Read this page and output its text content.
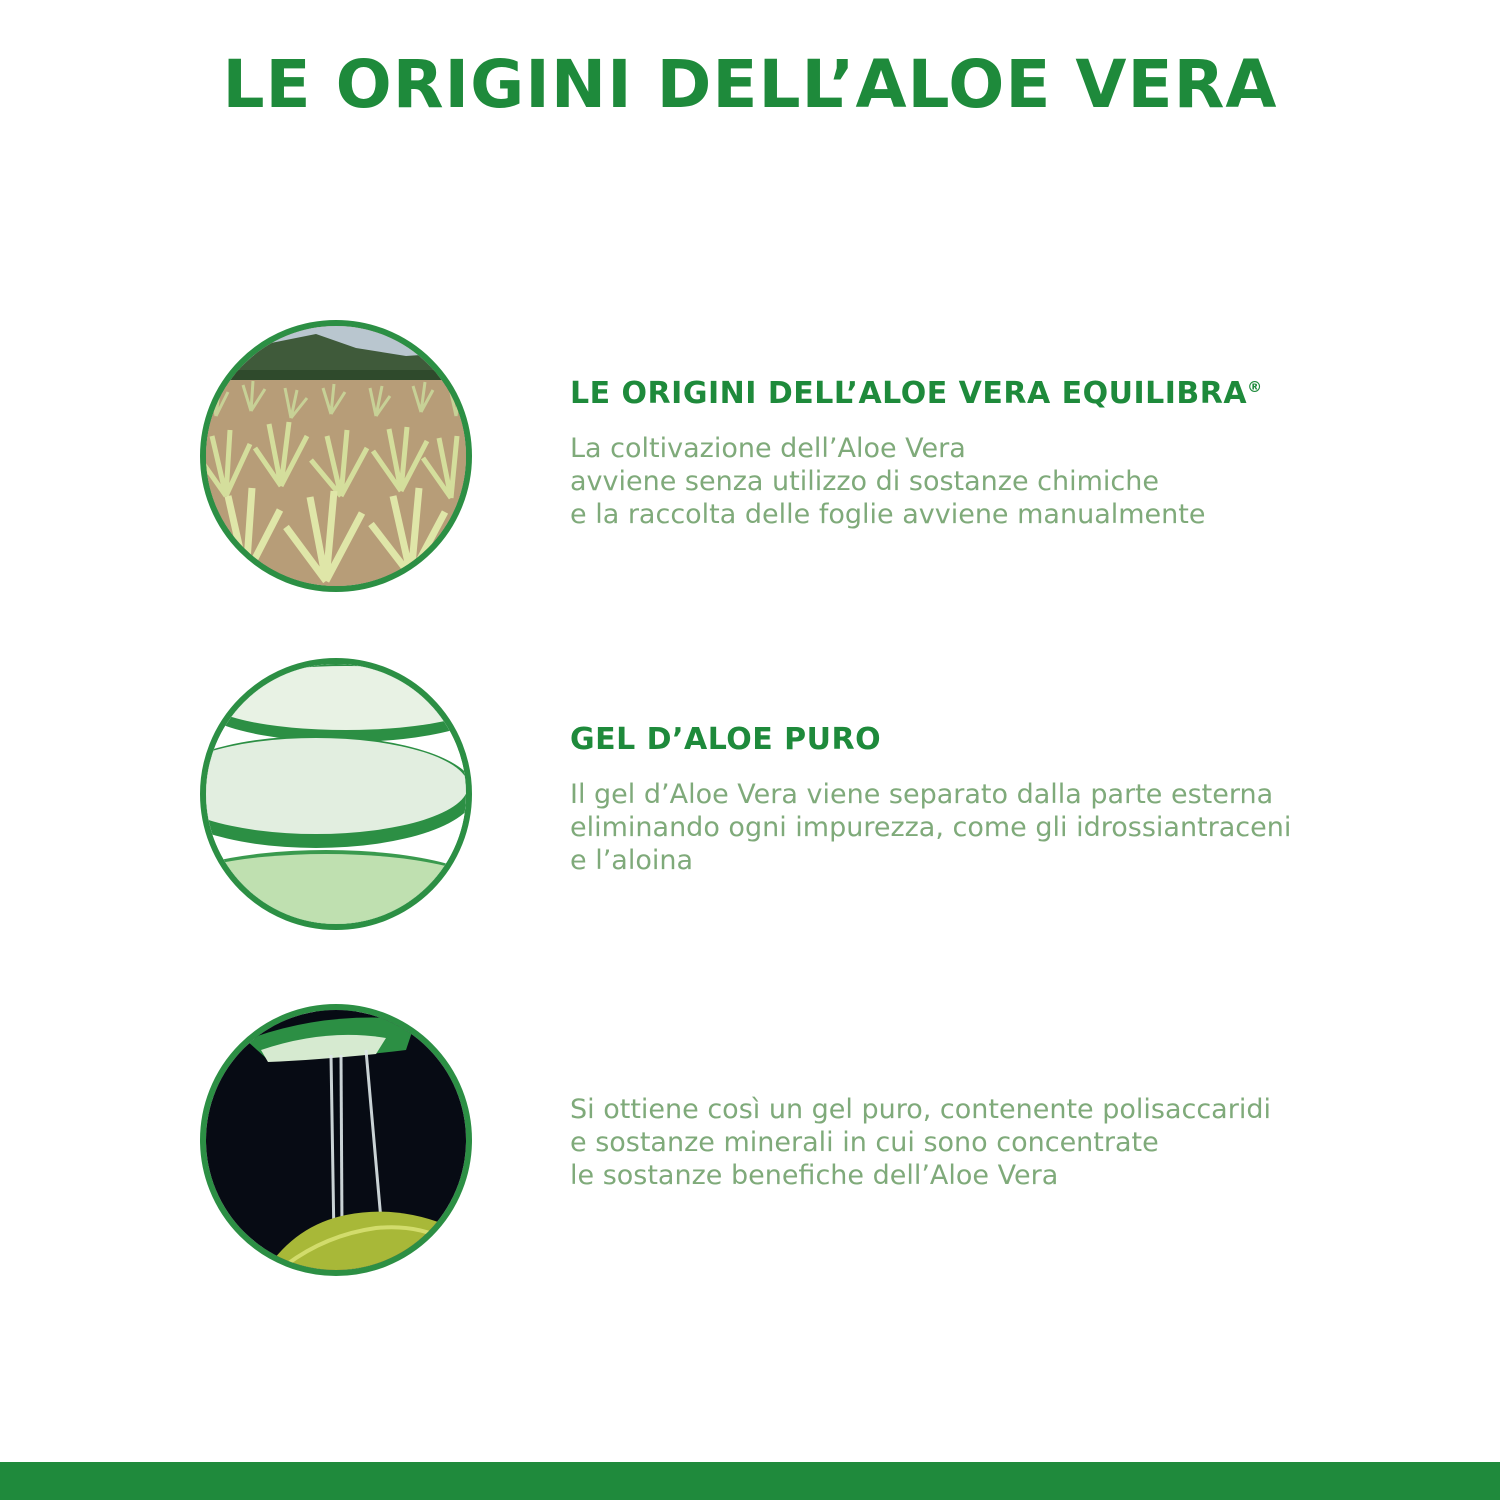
LE ORIGINI DELL’ALOE VERA
LE ORIGINI DELL’ALOE VERA EQUILIBRA®
La coltivazione dell’Aloe Vera
avviene senza utilizzo di sostanze chimiche
e la raccolta delle foglie avviene manualmente
GEL D’ALOE PURO
Il gel d’Aloe Vera viene separato dalla parte esterna
eliminando ogni impurezza, come gli idrossiantraceni
e l’aloina
Si ottiene così un gel puro, contenente polisaccaridi
e sostanze minerali in cui sono concentrate
le sostanze benefiche dell’Aloe Vera
